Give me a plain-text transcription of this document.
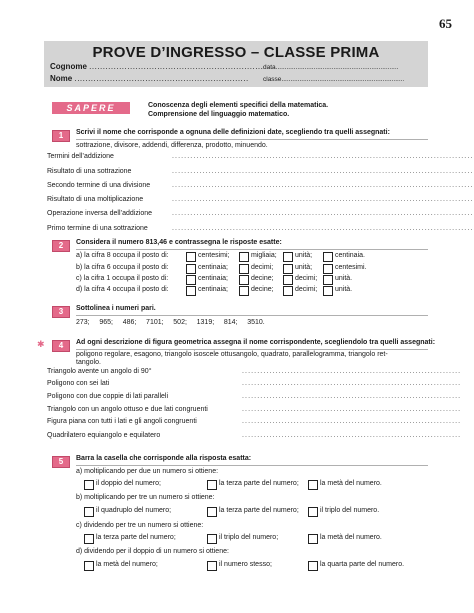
65
PROVE D’INGRESSO – CLASSE PRIMA
Cognome ................................................................
Nome ................................................................
data....................................................................
classe....................................................................
SAPERE	Conoscenza degli elementi specifici della matematica.
Comprensione del linguaggio matematico.
1	Scrivi il nome che corrisponde a ognuna delle definizioni date, scegliendo tra quelli assegnati:
sottrazione, divisore, addendi, differenza, prodotto, minuendo.
Termini dell’addizione	...................................................................................................
Risultato di una sottrazione	...................................................................................................
Secondo termine di una divisione	...................................................................................................
Risultato di una moltiplicazione	...................................................................................................
Operazione inversa dell’addizione	...................................................................................................
Primo termine di una sottrazione	...................................................................................................
2	Considera il numero 813,46 e contrassegna le risposte esatte:
a) la cifra 8 occupa il posto di:	centesimi;	migliaia;	unità;	centinaia.
b) la cifra 6 occupa il posto di:	centinaia;	decimi;	unità;	centesimi.
c) la cifra 1 occupa il posto di:	centinaia;	decine;	decimi;	unità.
d) la cifra 4 occupa il posto di:	centinaia;	decine;	decimi;	unità.
3	Sottolinea i numeri pari.
273;     965;     486;     7101;     502;     1319;     814;     3510.
✱	4	Ad ogni descrizione di figura geometrica assegna il nome corrispondente, scegliendolo tra quelli assegnati:
poligono regolare, esagono, triangolo isoscele ottusangolo, quadrato, parallelogramma, triangolo ret-
tangolo.
Triangolo avente un angolo di 90°	........................................................................
Poligono con sei lati	........................................................................
Poligono con due coppie di lati paralleli	........................................................................
Triangolo con un angolo ottuso e due lati congruenti	........................................................................
Figura piana con tutti i lati e gli angoli congruenti	........................................................................
Quadrilatero equiangolo e equilatero	........................................................................
5	Barra la casella che corrisponde alla risposta esatta:
a) moltiplicando per due un numero si ottiene:
il doppio del numero;	la terza parte del numero;	la metà del numero.
b) moltiplicando per tre un numero si ottiene:
il quadruplo del numero;	la terza parte del numero;	il triplo del numero.
c) dividendo per tre un numero si ottiene:
la terza parte del numero;	il triplo del numero;	la metà del numero.
d) dividendo per il doppio di un numero si ottiene:
la metà del numero;	il numero stesso;	la quarta parte del numero.
